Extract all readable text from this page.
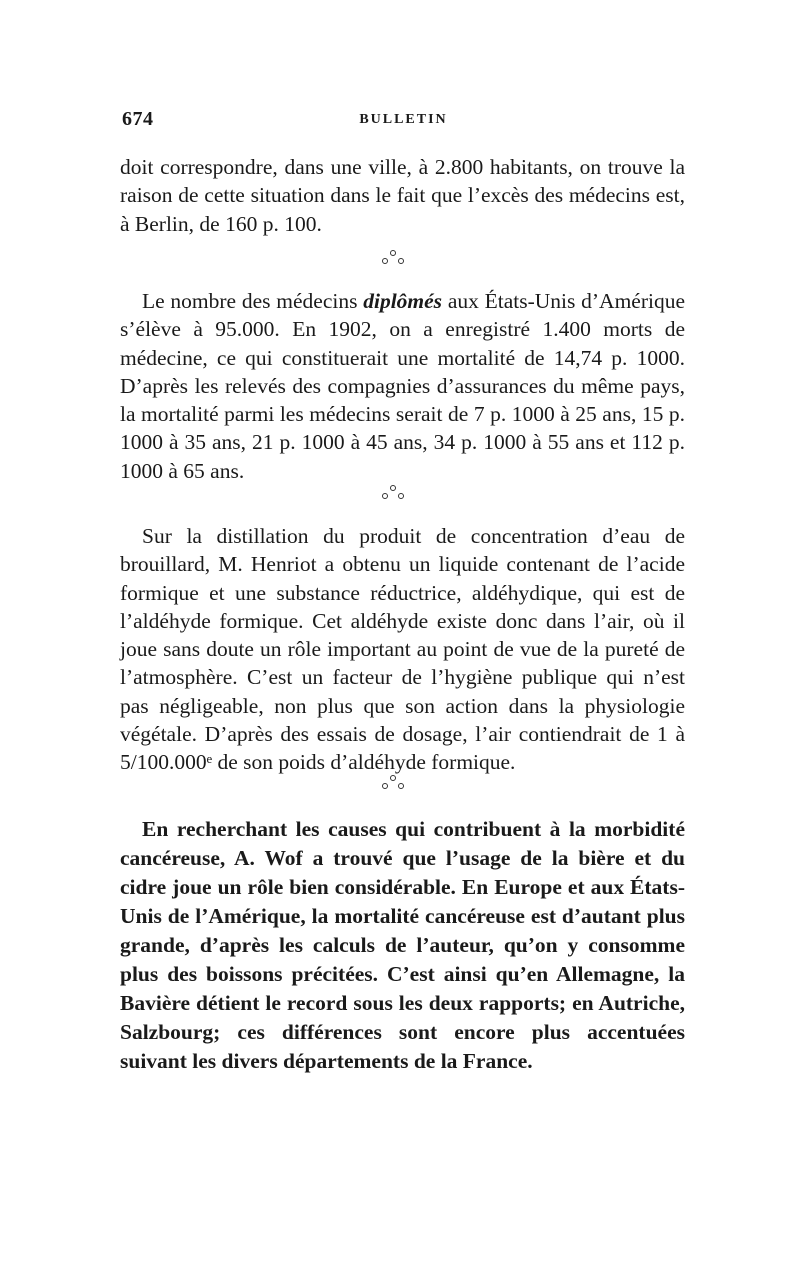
674	BULLETIN

doit correspondre, dans une ville, à 2.800 habitants, on trouve la raison de cette situation dans le fait que l’excès des médecins est, à Berlin, de 160 p. 100.

Le nombre des médecins diplômés aux États-Unis d’Amérique s’élève à 95.000. En 1902, on a enregistré 1.400 morts de médecine, ce qui constituerait une mortalité de 14,74 p. 1000. D’après les relevés des compagnies d’assurances du même pays, la mortalité parmi les médecins serait de 7 p. 1000 à 25 ans, 15 p. 1000 à 35 ans, 21 p. 1000 à 45 ans, 34 p. 1000 à 55 ans et 112 p. 1000 à 65 ans.

Sur la distillation du produit de concentration d’eau de brouillard, M. Henriot a obtenu un liquide contenant de l’acide formique et une substance réductrice, aldéhydique, qui est de l’aldéhyde formique. Cet aldéhyde existe donc dans l’air, où il joue sans doute un rôle important au point de vue de la pureté de l’atmosphère. C’est un facteur de l’hygiène publique qui n’est pas négligeable, non plus que son action dans la physiologie végétale. D’après des essais de dosage, l’air contiendrait de 1 à 5/100.000ᵉ de son poids d’aldéhyde formique.

En recherchant les causes qui contribuent à la morbidité cancéreuse, A. Wof a trouvé que l’usage de la bière et du cidre joue un rôle bien considérable. En Europe et aux États-Unis de l’Amérique, la mortalité cancéreuse est d’autant plus grande, d’après les calculs de l’auteur, qu’on y consomme plus des boissons précitées. C’est ainsi qu’en Allemagne, la Bavière détient le record sous les deux rapports; en Autriche, Salzbourg; ces différences sont encore plus accentuées suivant les divers départements de la France.
